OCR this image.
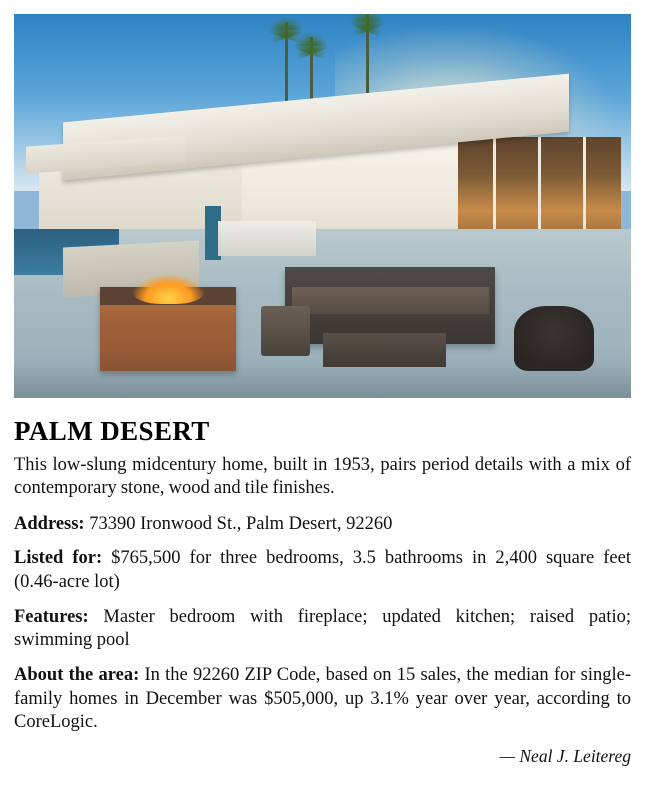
PALM DESERT

This low-slung midcentury home, built in 1953, pairs period details with a mix of contemporary stone, wood and tile finishes.

Address: 73390 Ironwood St., Palm Desert, 92260

Listed for: $765,500 for three bedrooms, 3.5 bathrooms in 2,400 square feet (0.46-acre lot)

Features: Master bedroom with fireplace; updated kitchen; raised patio; swimming pool

About the area: In the 92260 ZIP Code, based on 15 sales, the median for single-family homes in December was $505,000, up 3.1% year over year, according to CoreLogic.

— Neal J. Leitereg
